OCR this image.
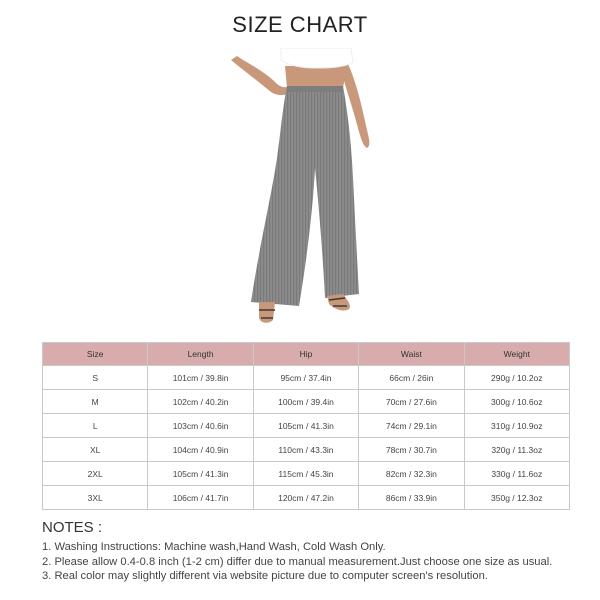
SIZE CHART
Size	Length	Hip	Waist	Weight
S	101cm / 39.8in	95cm / 37.4in	66cm / 26in	290g / 10.2oz
M	102cm / 40.2in	100cm / 39.4in	70cm / 27.6in	300g / 10.6oz
L	103cm / 40.6in	105cm / 41.3in	74cm / 29.1in	310g / 10.9oz
XL	104cm / 40.9in	110cm / 43.3in	78cm / 30.7in	320g / 11.3oz
2XL	105cm / 41.3in	115cm / 45.3in	82cm / 32.3in	330g / 11.6oz
3XL	106cm / 41.7in	120cm / 47.2in	86cm / 33.9in	350g / 12.3oz
NOTES :
1. Washing Instructions: Machine wash,Hand Wash, Cold Wash Only.
2. Please allow 0.4-0.8 inch (1-2 cm) differ due to manual measurement.Just choose one size as usual.
3. Real color may slightly different via website picture due to computer screen's resolution.
